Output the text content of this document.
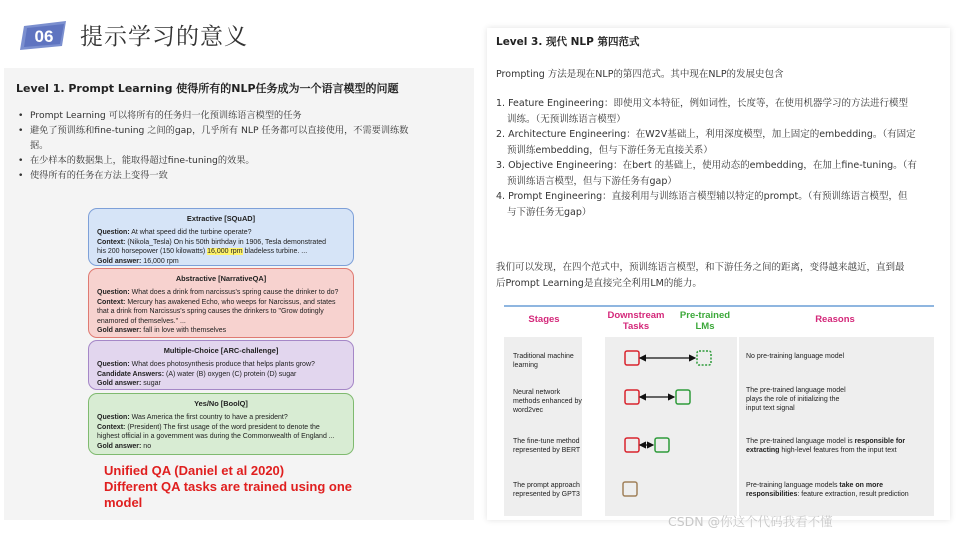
06 提示学习的意义
Level 1. Prompt Learning 使得所有的NLP任务成为一个语言模型的问题
• Prompt Learning 可以将所有的任务归一化预训练语言模型的任务
• 避免了预训练和fine-tuning 之间的gap，几乎所有 NLP 任务都可以直接使用，不需要训练数
据。
• 在少样本的数据集上，能取得超过fine-tuning的效果。
• 使得所有的任务在方法上变得一致
Extractive [SQuAD]
Question: At what speed did the turbine operate?
Context: (Nikola_Tesla) On his 50th birthday in 1906, Tesla demonstrated
his 200 horsepower (150 kilowatts) 16,000 rpm bladeless turbine. ...
Gold answer: 16,000 rpm
Abstractive [NarrativeQA]
Question: What does a drink from narcissus's spring cause the drinker to do?
Context: Mercury has awakened Echo, who weeps for Narcissus, and states
that a drink from Narcissus's spring causes the drinkers to "Grow dotingly
enamored of themselves." ...
Gold answer: fall in love with themselves
Multiple-Choice [ARC-challenge]
Question: What does photosynthesis produce that helps plants grow?
Candidate Answers: (A) water (B) oxygen (C) protein (D) sugar
Gold answer: sugar
Yes/No [BoolQ]
Question: Was America the first country to have a president?
Context: (President) The first usage of the word president to denote the
highest official in a government was during the Commonwealth of England ...
Gold answer: no
Unified QA (Daniel et al 2020)
Different QA tasks are trained using one
model
Level 3. 现代 NLP 第四范式
Prompting 方法是现在NLP的第四范式。其中现在NLP的发展史包含
1. Feature Engineering：即使用文本特征，例如词性，长度等，在使用机器学习的方法进行模型
训练。（无预训练语言模型）
2. Architecture Engineering：在W2V基础上，利用深度模型，加上固定的embedding。（有固定
预训练embedding，但与下游任务无直接关系）
3. Objective Engineering：在bert 的基础上，使用动态的embedding，在加上fine-tuning。（有
预训练语言模型，但与下游任务有gap）
4. Prompt Engineering：直接利用与训练语言模型辅以特定的prompt。（有预训练语言模型，但
与下游任务无gap）
我们可以发现，在四个范式中，预训练语言模型，和下游任务之间的距离，变得越来越近，直到最
后Prompt Learning是直接完全利用LM的能力。
Stages	Downstream
Tasks
Pre-trained
LMs
Reasons
Traditional machine
learning
Neural network
methods enhanced by
word2vec
The fine-tune method
represented by BERT
The prompt approach
represented by GPT3
No pre-training language model
The pre-trained language model
plays the role of initializing the
input text signal
The pre-trained language model is responsible for
extracting high-level features from the input text
Pre-training language models take on more
responsibilities: feature extraction, result prediction
CSDN @你这个代码我看不懂
